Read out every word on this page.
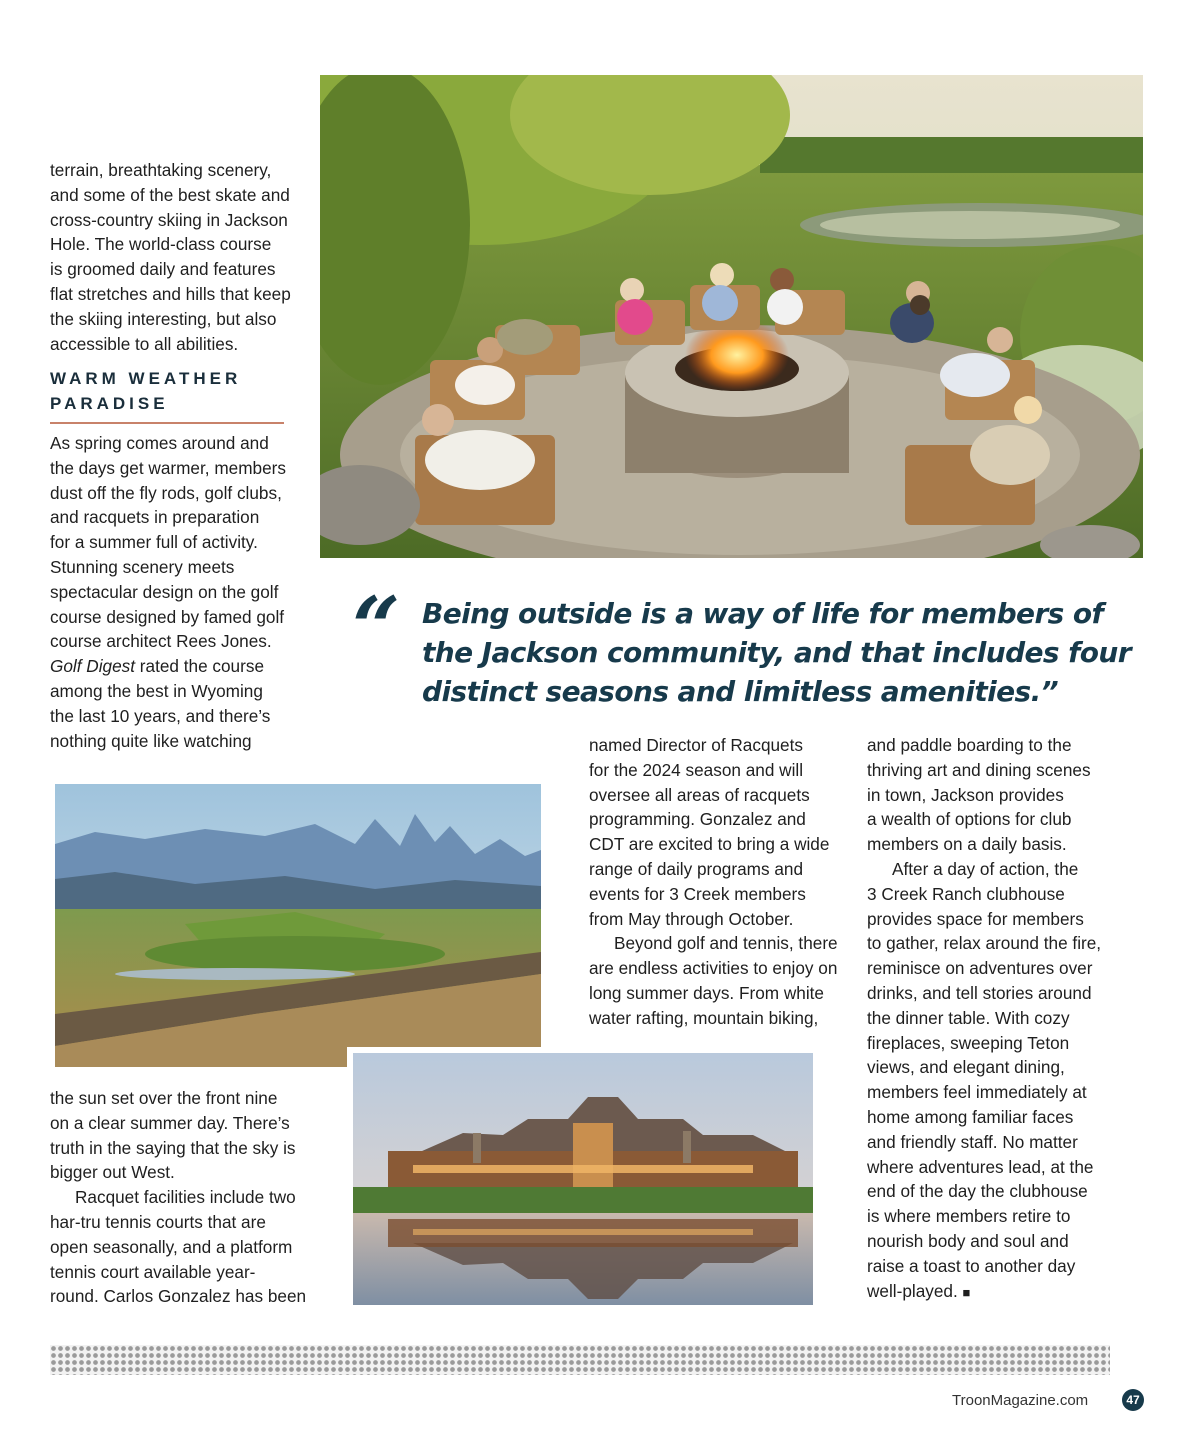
terrain, breathtaking scenery,

and some of the best skate and

cross-country skiing in Jackson

Hole. The world-class course

is groomed daily and features

flat stretches and hills that keep

the skiing interesting, but also

accessible to all abilities.

WARM WEATHER
PARADISE

As spring comes around and

the days get warmer, members

dust off the fly rods, golf clubs,

and racquets in preparation

for a summer full of activity.

Stunning scenery meets

spectacular design on the golf

course designed by famed golf

course architect Rees Jones.

Golf Digest rated the course

among the best in Wyoming

the last 10 years, and there’s

nothing quite like watching

“ Being outside is a way of life for members of
the Jackson community, and that includes four
distinct seasons and limitless amenities.”

the sun set over the front nine

on a clear summer day. There’s

truth in the saying that the sky is

bigger out West.

Racquet facilities include two

har-tru tennis courts that are

open seasonally, and a platform

tennis court available year-

round. Carlos Gonzalez has been

named Director of Racquets

for the 2024 season and will

oversee all areas of racquets

programming. Gonzalez and

CDT are excited to bring a wide

range of daily programs and

events for 3 Creek members

from May through October.

Beyond golf and tennis, there

are endless activities to enjoy on

long summer days. From white

water rafting, mountain biking,

and paddle boarding to the

thriving art and dining scenes

in town, Jackson provides

a wealth of options for club

members on a daily basis.

After a day of action, the

3 Creek Ranch clubhouse

provides space for members

to gather, relax around the fire,

reminisce on adventures over

drinks, and tell stories around

the dinner table. With cozy

fireplaces, sweeping Teton

views, and elegant dining,

members feel immediately at

home among familiar faces

and friendly staff. No matter

where adventures lead, at the

end of the day the clubhouse

is where members retire to

nourish body and soul and

raise a toast to another day

well-played. ■

TroonMagazine.com	47
